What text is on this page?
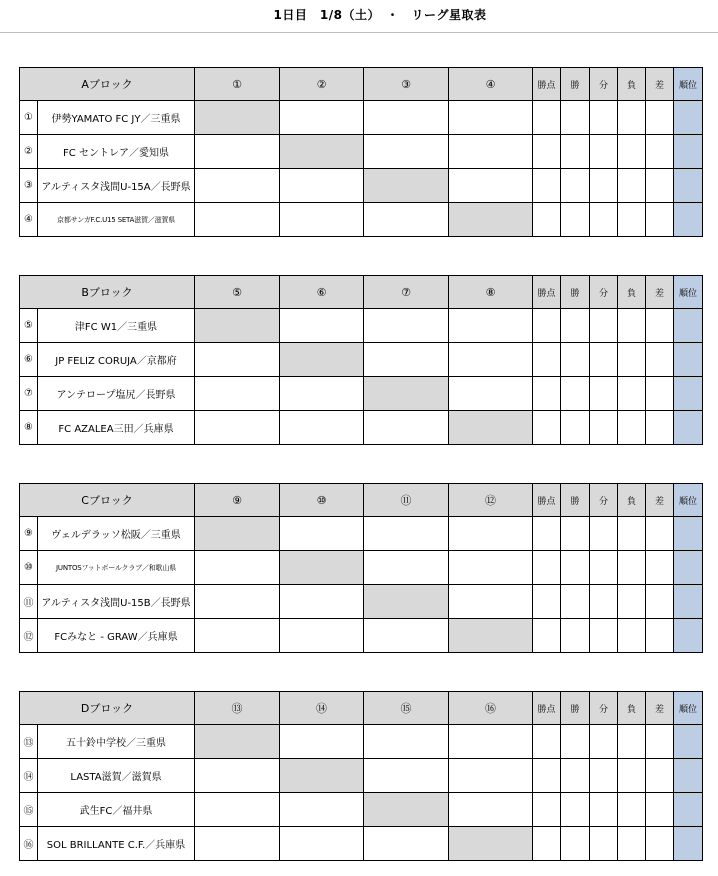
1日目　1/8（土）　・　リーグ星取表
Aブロック		①	②	③	④	勝点	勝	分	負	差	順位
①	伊勢YAMATO FC JY／三重県										
②	FC セントレア／愛知県										
③	アルティスタ浅間U-15A／長野県										
④	京都サンガF.C.U15 SETA滋賀／滋賀県										
Bブロック		⑤	⑥	⑦	⑧	勝点	勝	分	負	差	順位
⑤	津FC W1／三重県										
⑥	JP FELIZ CORUJA／京都府										
⑦	アンテロープ塩尻／長野県										
⑧	FC AZALEA三田／兵庫県										
Cブロック		⑨	⑩	⑪	⑫	勝点	勝	分	負	差	順位
⑨	ヴェルデラッソ松阪／三重県										
⑩	JUNTOSフットボールクラブ／和歌山県										
⑪	アルティスタ浅間U-15B／長野県										
⑫	FCみなと - GRAW／兵庫県										
Dブロック		⑬	⑭	⑮	⑯	勝点	勝	分	負	差	順位
⑬	五十鈴中学校／三重県										
⑭	LASTA滋賀／滋賀県										
⑮	武生FC／福井県										
⑯	SOL BRILLANTE C.F.／兵庫県										
